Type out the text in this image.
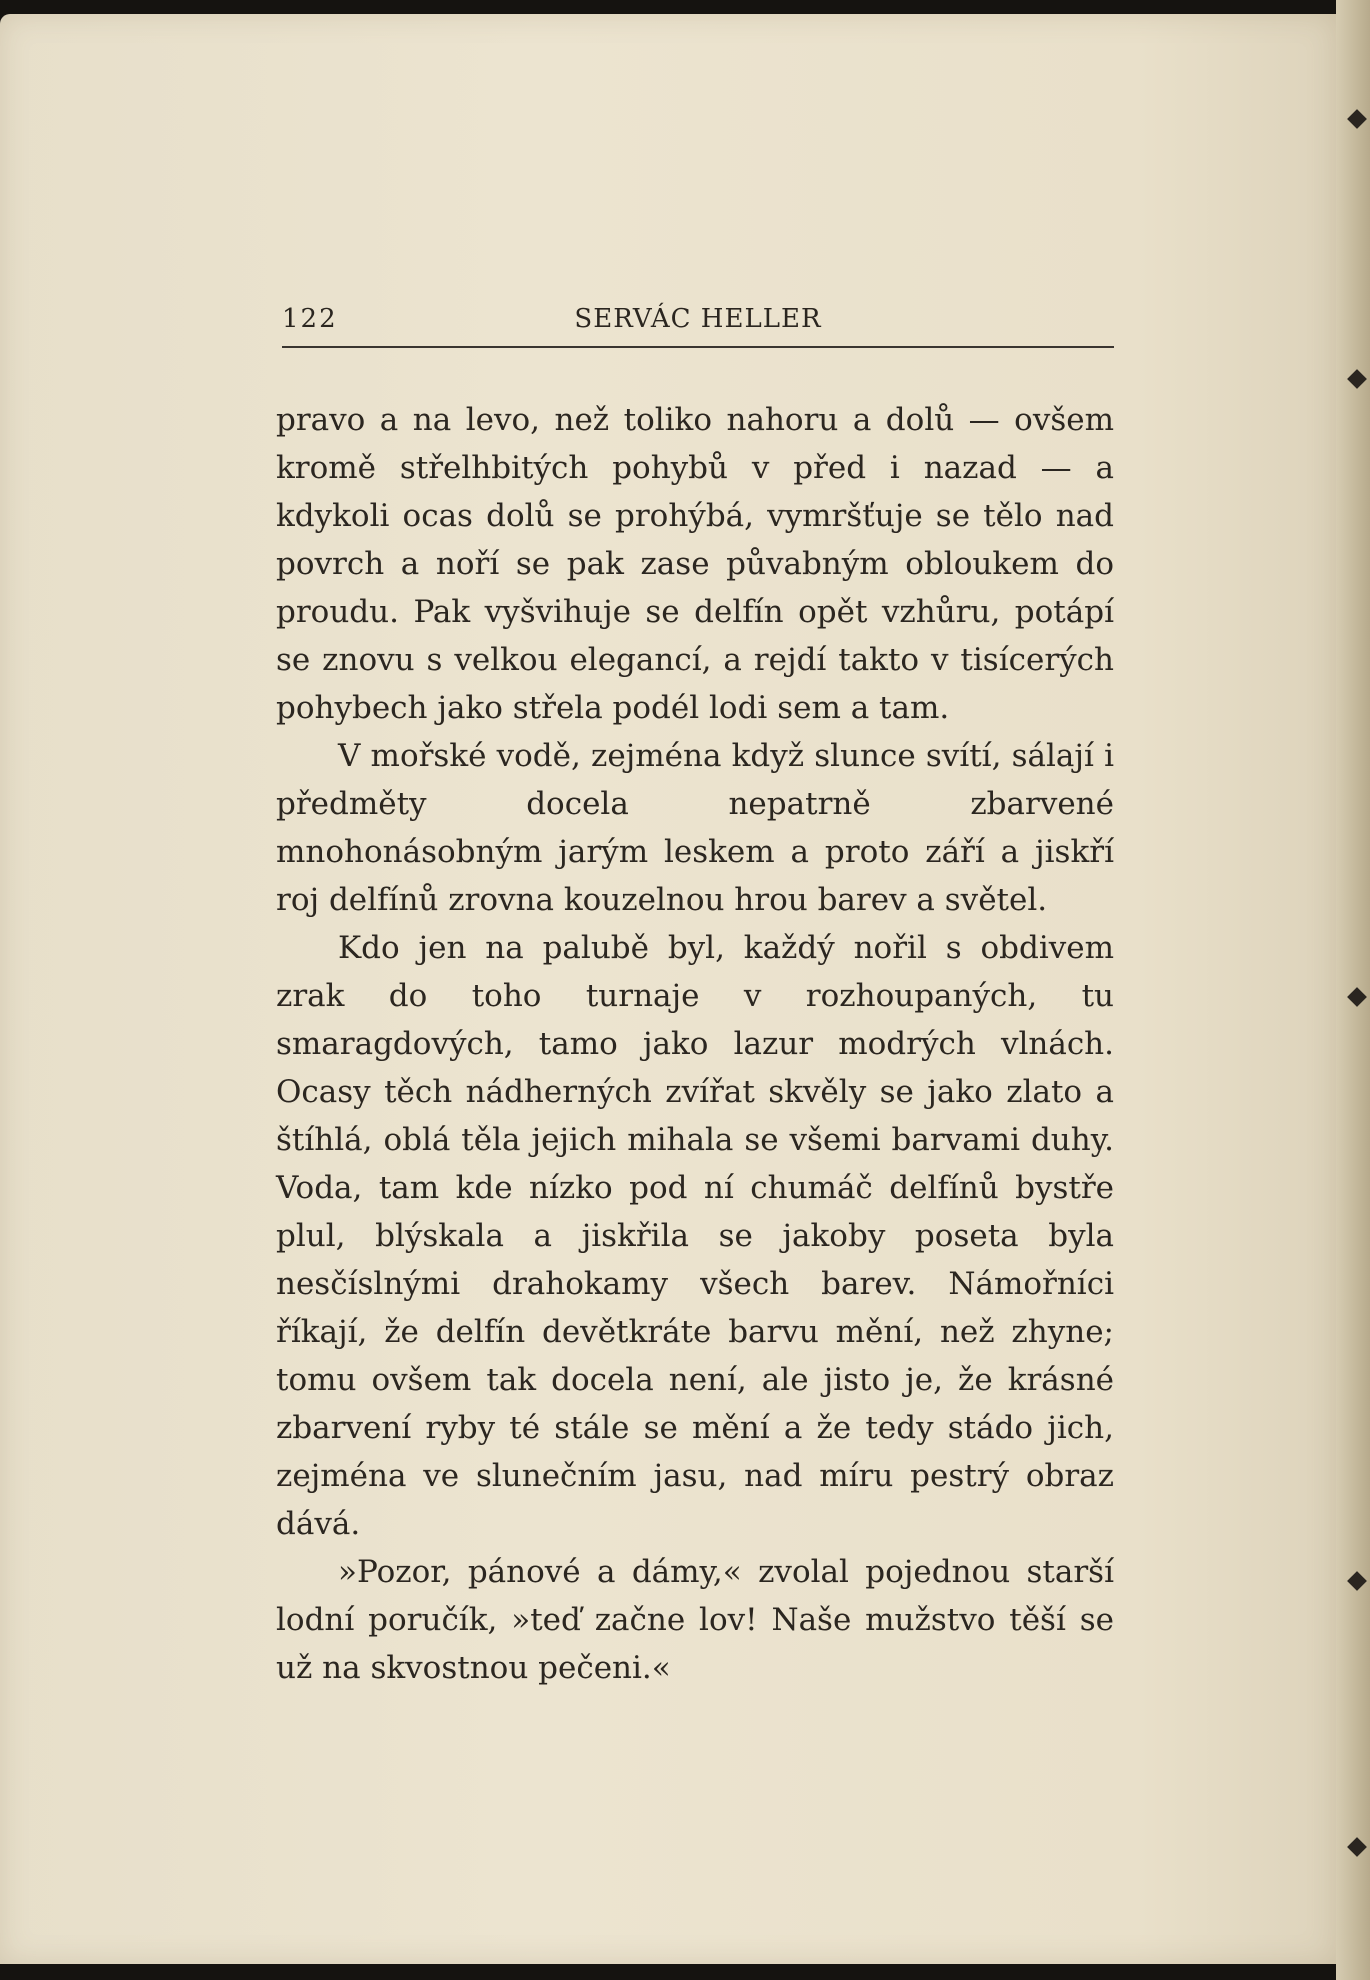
122	SERVÁC HELLER

pravo a na levo, než toliko nahoru a dolů — ovšem kromě střelhbitých pohybů v před i nazad — a kdykoli ocas dolů se prohýbá, vymršťuje se tělo nad povrch a noří se pak zase půvabným obloukem do proudu. Pak vyšvihuje se delfín opět vzhůru, potápí se znovu s velkou elegancí, a rejdí takto v tisícerých pohybech jako střela podél lodi sem a tam.

V mořské vodě, zejména když slunce svítí, sálají i předměty docela nepatrně zbarvené mnohonásobným jarým leskem a proto září a jiskří roj delfínů zrovna kouzelnou hrou barev a světel.

Kdo jen na palubě byl, každý nořil s obdivem zrak do toho turnaje v rozhoupaných, tu smaragdových, tamo jako lazur modrých vlnách. Ocasy těch nádherných zvířat skvěly se jako zlato a štíhlá, oblá těla jejich mihala se všemi barvami duhy. Voda, tam kde nízko pod ní chumáč delfínů bystře plul, blýskala a jiskřila se jakoby poseta byla nesčíslnými drahokamy všech barev. Námořníci říkají, že delfín devětkráte barvu mění, než zhyne; tomu ovšem tak docela není, ale jisto je, že krásné zbarvení ryby té stále se mění a že tedy stádo jich, zejména ve slunečním jasu, nad míru pestrý obraz dává.

»Pozor, pánové a dámy,« zvolal pojednou starší lodní poručík, »teď začne lov! Naše mužstvo těší se už na skvostnou pečeni.«
